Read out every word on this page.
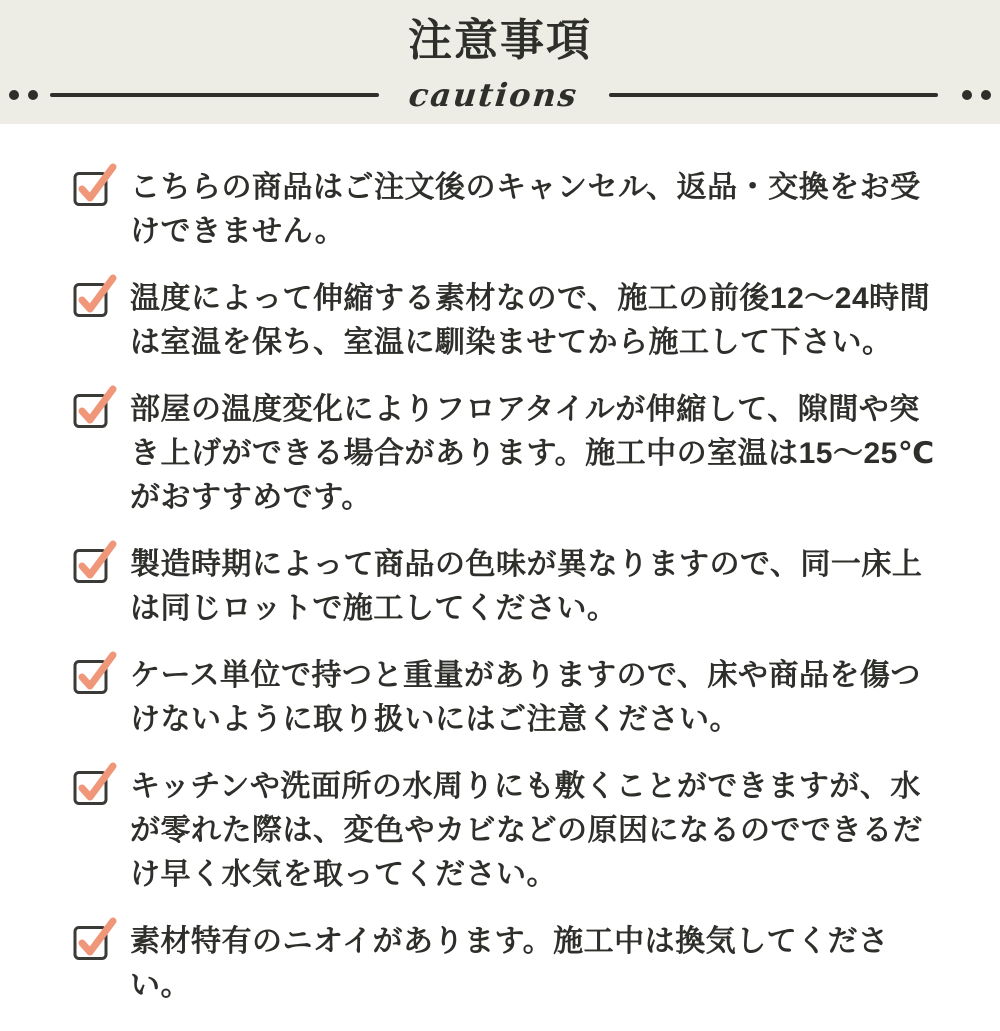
注意事項
cautions

こちらの商品はご注文後のキャンセル、返品・交換をお受けできません。

温度によって伸縮する素材なので、施工の前後12〜24時間は室温を保ち、室温に馴染ませてから施工して下さい。

部屋の温度変化によりフロアタイルが伸縮して、隙間や突き上げができる場合があります。施工中の室温は15〜25℃がおすすめです。

製造時期によって商品の色味が異なりますので、同一床上は同じロットで施工してください。

ケース単位で持つと重量がありますので、床や商品を傷つけないように取り扱いにはご注意ください。

キッチンや洗面所の水周りにも敷くことができますが、水が零れた際は、変色やカビなどの原因になるのでできるだけ早く水気を取ってください。

素材特有のニオイがあります。施工中は換気してください。
